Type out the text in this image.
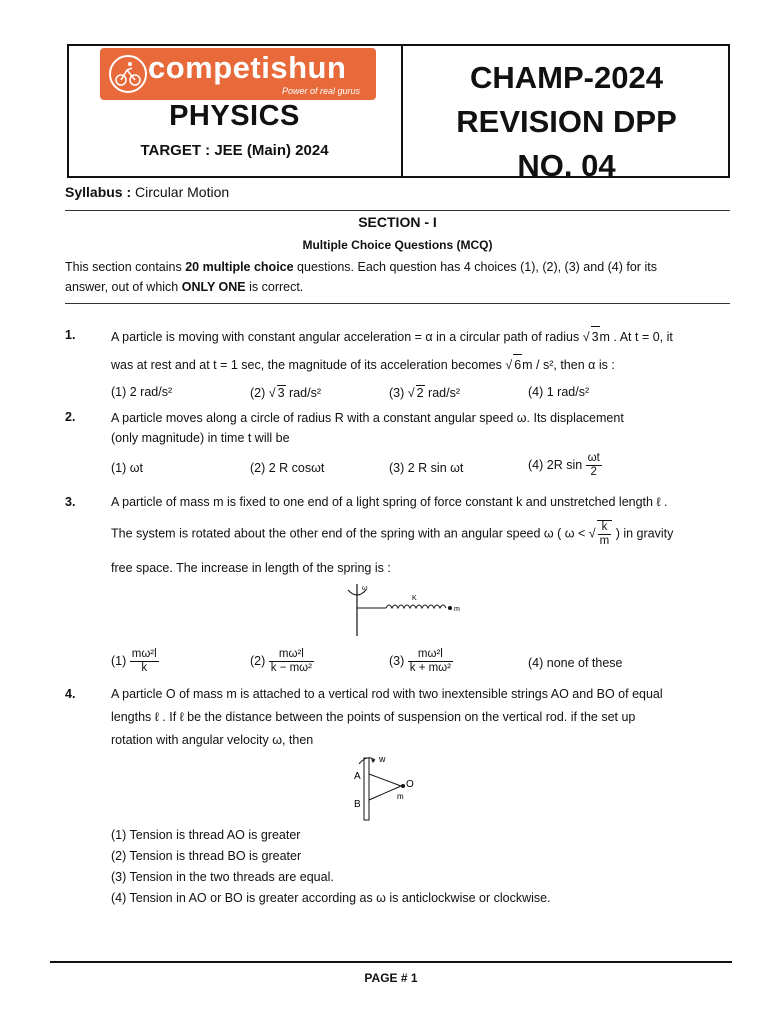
competishun
Power of real gurus
PHYSICS
TARGET : JEE (Main) 2024
CHAMP-2024
REVISION DPP
NO. 04
Syllabus : Circular Motion
SECTION - I
Multiple Choice Questions (MCQ)
This section contains 20 multiple choice questions. Each question has 4 choices (1), (2), (3) and (4) for its
answer, out of which ONLY ONE is correct.
1.	A particle is moving with constant angular acceleration = α in a circular path of radius √ 3m . At t = 0, it
was at rest and at t = 1 sec, the magnitude of its acceleration becomes √ 6m / s², then α is :
(1) 2 rad/s²	(2) √ 3 rad/s²	(3) √ 2 rad/s²	(4) 1 rad/s²
2.	A particle moves along a circle of radius R with a constant angular speed ω. Its displacement
(only magnitude) in time t will be
(1) ωt	(2) 2 R cosωt	(3) 2 R sin ωt	(4) 2R $\sin \frac{\omega t}{2}$
3.	A particle of mass m is fixed to one end of a light spring of force constant k and unstretched length ℓ .
The system is rotated about the other end of the spring with an angular speed ω ( ω < √ $\frac{k}{m}$ ) in gravity
free space. The increase in length of the spring is :
ω
K
m
$(1) \frac{\text{mω²l}}{k}$	$(2) \frac{\text{mω²l}}{\text{k − mω²}}$	$(3) \frac{\text{mω²l}}{\text{k + mω²}}$	(4) none of these
4.	A particle O of mass m is attached to a vertical rod with two inextensible strings AO and BO of equal
lengths ℓ . If ℓ be the distance between the points of suspension on the vertical rod. if the set up
rotation with angular velocity ω, then
w
A
B
O
m
(1) Tension is thread AO is greater
(2) Tension is thread BO is greater
(3) Tension in the two threads are equal.
(4) Tension in AO or BO is greater according as ω is anticlockwise or clockwise.
PAGE # 1
